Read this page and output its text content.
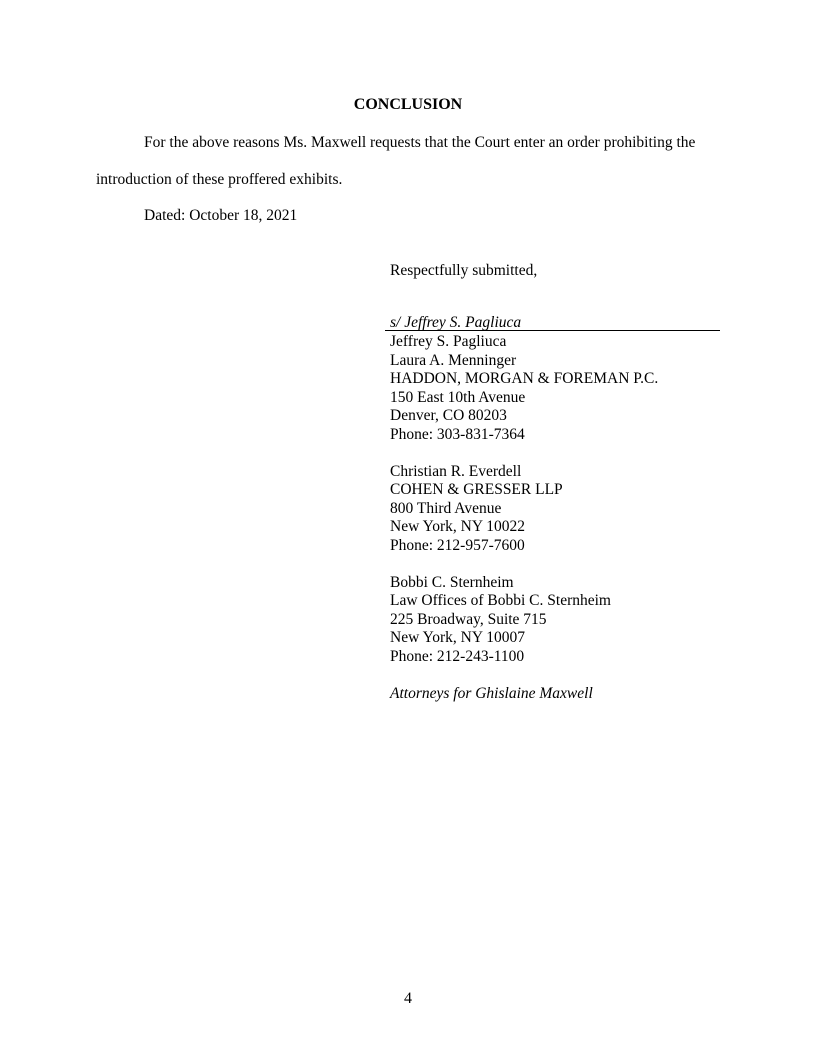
CONCLUSION
For the above reasons Ms. Maxwell requests that the Court enter an order prohibiting the
introduction of these proffered exhibits.
Dated: October 18, 2021
Respectfully submitted,
s/ Jeffrey S. Pagliuca
Jeffrey S. Pagliuca
Laura A. Menninger
HADDON, MORGAN & FOREMAN P.C.
150 East 10th Avenue
Denver, CO 80203
Phone: 303-831-7364
Christian R. Everdell
COHEN & GRESSER LLP
800 Third Avenue
New York, NY 10022
Phone: 212-957-7600
Bobbi C. Sternheim
Law Offices of Bobbi C. Sternheim
225 Broadway, Suite 715
New York, NY 10007
Phone: 212-243-1100
Attorneys for Ghislaine Maxwell
4
